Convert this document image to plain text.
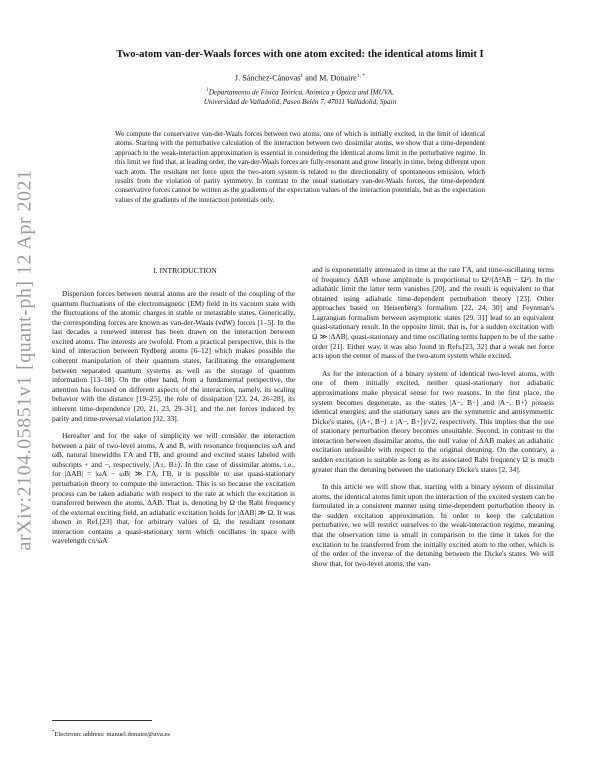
arXiv:2104.05851v1 [quant-ph] 12 Apr 2021
Two-atom van-der-Waals forces with one atom excited: the identical atoms limit I
J. Sánchez-Cánovas$^1$ and M. Donaire$^{1, *}$
$^1$Departamento de Física Teórica, Atómica y Óptica and IMUVA,
Universidad de Valladolid, Paseo Belén 7, 47011 Valladolid, Spain
We compute the conservative van-der-Waals forces between two atoms, one of which is initially excited, in the limit of identical atoms. Starting with the perturbative calculation of the interaction between two dissimilar atoms, we show that a time-dependent approach in the weak-interaction approximation is essential in considering the identical atoms limit in the perturbative regime. In this limit we find that, at leading order, the van-der-Waals forces are fully-resonant and grow linearly in time, being different upon each atom. The resultant net force upon the two-atom system is related to the directionality of spontaneous emission, which results from the violation of parity symmetry. In contrast to the usual stationary van-der-Waals forces, the time-dependent conservative forces cannot be written as the gradients of the expectation values of the interaction potentials, but as the expectation values of the gradients of the interaction potentials only.
I. INTRODUCTION

Dispersion forces between neutral atoms are the result of the coupling of the quantum fluctuations of the electromagnetic (EM) field in its vacuum state with the fluctuations of the atomic charges in stable or metastable states. Generically, the corresponding forces are known as van-der-Waals (vdW) forces [1–5]. In the last decades a renewed interest has been drawn on the interaction between excited atoms. The interests are twofold. From a practical perspective, this is the kind of interaction between Rydberg atoms [6–12] which makes possible the coherent manipulation of their quantum states, facilitating the entanglement between separated quantum systems as well as the storage of quantum information [13–18]. On the other hand, from a fundamental perspective, the attention has focused on different aspects of the interaction, namely, its scaling behavior with the distance [19–25], the role of dissipation [23, 24, 26–28], its inherent time-dependence [20, 21, 23, 29–31], and the net forces induced by parity and time-reversal violation [32, 33].

Hereafter and for the sake of simplicity we will consider the interaction between a pair of two-level atoms, A and B, with resonance frequencies ωA and ωB, natural linewidths ΓA and ΓB, and ground and excited states labeled with subscripts + and −, respectively, |A±, B±⟩. In the case of dissimilar atoms, i.e., for |ΔAB| = |ωA − ωB| ≫ ΓA, ΓB, it is possible to use quasi-stationary perturbation theory to compute the interaction. This is so because the excitation process can be taken adiabatic with respect to the rate at which the excitation is transferred between the atoms, ΔAB. That is, denoting by Ω the Rabi frequency of the external exciting field, an adiabatic excitation holds for |ΔAB| ≫ Ω. It was shown in Ref.[23] that, for arbitrary values of Ω, the resultant resonant interaction contains a quasi-stationary term which oscillates in space with wavelength cπ/ωA

and is exponentially attenuated in time at the rate ΓA, and time-oscillating terms of frequency ΔAB whose amplitude is proportional to Ω²/(Δ²AB − Ω²). In the adiabatic limit the latter term vanishes [20], and the result is equivalent to that obtained using adiabatic time-dependent perturbation theory [23]. Other approaches based on Heisenberg's formalism [22, 24, 30] and Feynman's Lagrangian formalism between asymptotic states [29, 31] lead to an equivalent quasi-stationary result. In the opposite limit, that is, for a sudden excitation with Ω ≫ |ΔAB|, quasi-stationary and time oscillating terms happen to be of the same order [21]. Either way, it was also found in Refs.[23, 32] that a weak net force acts upon the center of mass of the two-atom system while excited.

As for the interaction of a binary system of identical two-level atoms, with one of them initially excited, neither quasi-stationary nor adiabatic approximations make physical sense for two reasons. In the first place, the system becomes degenerate, as the states |A−, B−⟩ and |A−, B+⟩ possess identical energies, and the stationary sates are the symmetric and antisymmetric Dicke's states, (|A+, B−⟩ ± |A−, B+⟩)/√2, respectively. This implies that the use of stationary perturbation theory becomes unsuitable. Second, in contrast to the interaction between dissimilar atoms, the null value of ΔAB makes an adiabatic excitation unfeasible with respect to the original detuning. On the contrary, a sudden excitation is suitable as long as its associated Rabi frequency Ω is much greater than the detuning between the stationary Dicke's states [2, 34].

In this article we will show that, starting with a binary system of dissimilar atoms, the identical atoms limit upon the interaction of the excited system can be formulated in a consistent manner using time-dependent perturbation theory in the sudden excitation approximation. In order to keep the calculation perturbative, we will restrict ourselves to the weak-interaction regime, meaning that the observation time is small in comparison to the time it takes for the excitation to be transferred from the initially excited atom to the other, which is of the order of the inverse of the detuning between the Dicke's states. We will show that, for two-level atoms, the van-

*Electronic address: manuel.donaire@uva.es
